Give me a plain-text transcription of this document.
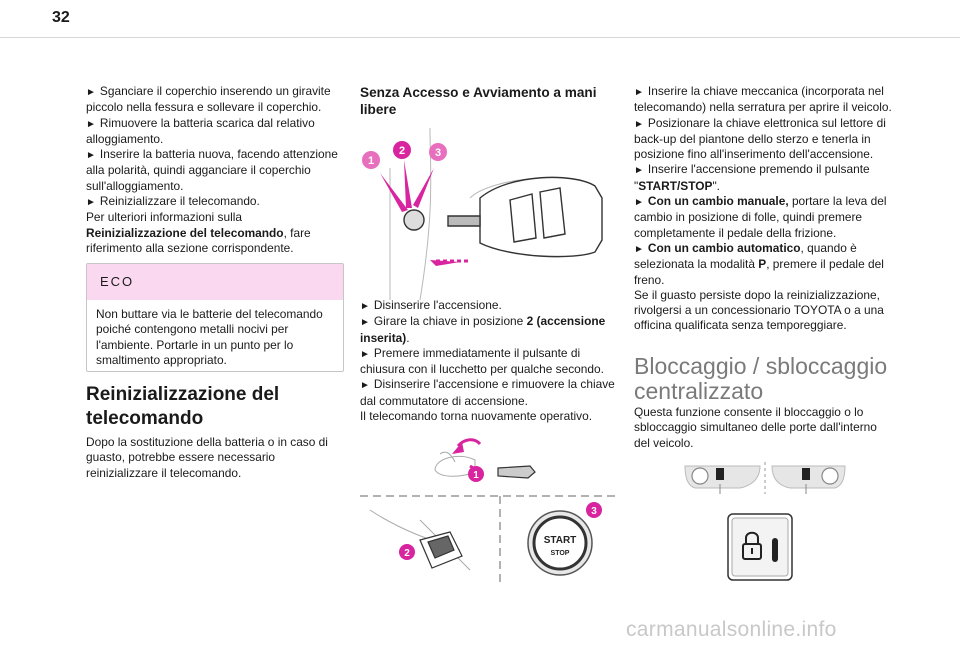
32

► Sganciare il coperchio inserendo un giravite piccolo nella fessura e sollevare il coperchio.

► Rimuovere la batteria scarica dal relativo alloggiamento.

► Inserire la batteria nuova, facendo attenzione alla polarità, quindi agganciare il coperchio sull'alloggiamento.

► Reinizializzare il telecomando.

Per ulteriori informazioni sulla
Reinizializzazione del telecomando, fare riferimento alla sezione corrispondente.

ECO
Non buttare via le batterie del telecomando poiché contengono metalli nocivi per l'ambiente. Portarle in un punto per lo smaltimento appropriato.
Reinizializzazione del telecomando
Dopo la sostituzione della batteria o in caso di guasto, potrebbe essere necessario reinizializzare il telecomando.
Senza Accesso e Avviamento a mani libere
1
2	3
► Disinserire l'accensione.
► Girare la chiave in posizione 2 (accensione inserita).
► Premere immediatamente il pulsante di chiusura con il lucchetto per qualche secondo.
► Disinserire l'accensione e rimuovere la chiave dal commutatore di accensione.
Il telecomando torna nuovamente operativo.
1
2
START
STOP
3
► Inserire la chiave meccanica (incorporata nel telecomando) nella serratura per aprire il veicolo.
► Posizionare la chiave elettronica sul lettore di back-up del piantone dello sterzo e tenerla in posizione fino all'inserimento dell'accensione.
► Inserire l'accensione premendo il pulsante "START/STOP".
► Con un cambio manuale, portare la leva del cambio in posizione di folle, quindi premere completamente il pedale della frizione.
► Con un cambio automatico, quando è selezionata la modalità P, premere il pedale del freno.
Se il guasto persiste dopo la reinizializzazione, rivolgersi a un concessionario TOYOTA o a una officina qualificata senza temporeggiare.
Bloccaggio / sbloccaggio centralizzato
Questa funzione consente il bloccaggio o lo sbloccaggio simultaneo delle porte dall'interno del veicolo.
carmanualsonline.info
